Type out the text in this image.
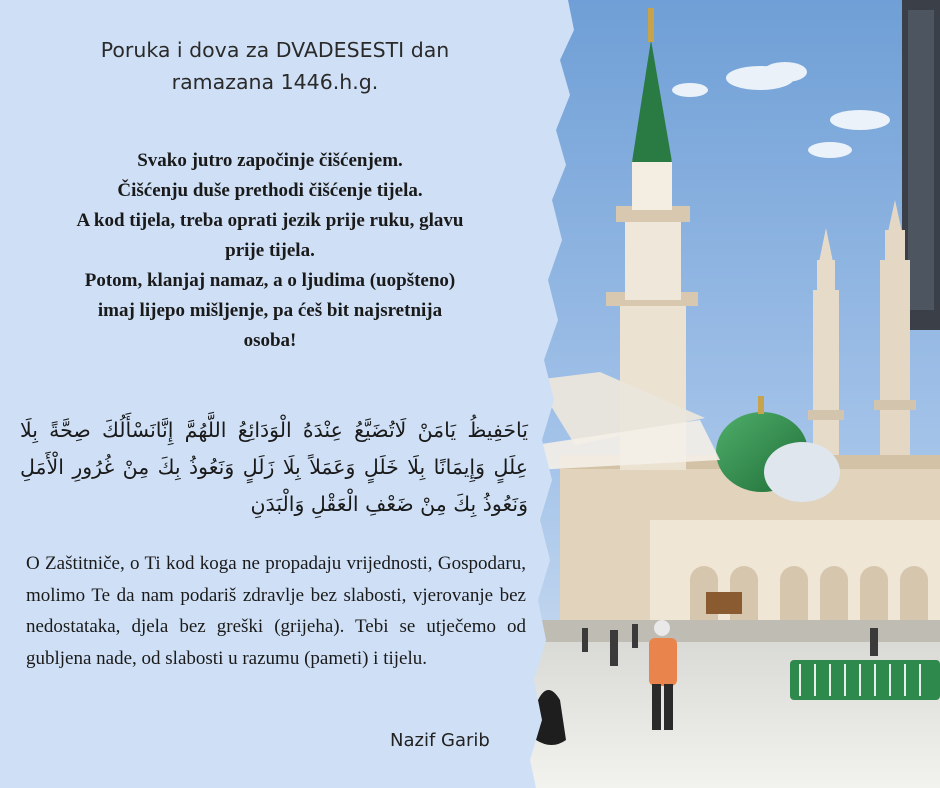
Poruka i dova za DVADESESTI dan
ramazana 1446.h.g.
Svako jutro započinje čišćenjem.
Čišćenju duše prethodi čišćenje tijela.
A kod tijela, treba oprati jezik prije ruku, glavu
prije tijela.
Potom, klanjaj namaz, a o ljudima (uopšteno)
imaj lijepo mišljenje, pa ćeš bit najsretnija
osoba!
يَاحَفِيظُ يَامَنْ لَاتُضَيَّعُ عِنْدَهُ الْوَدَائِعُ اللَّهُمَّ إِنَّانَسْأَلُكَ صِحَّةً بِلَا عِلَلٍ وَإِيمَانًا بِلَا خَلَلٍ وَعَمَلاً بِلَا زَلَلٍ وَنَعُوذُ بِكَ مِنْ غُرُورِ الْأَمَلِ وَنَعُوذُ بِكَ مِنْ ضَعْفِ الْعَقْلِ وَالْبَدَنِ
O Zaštitniče, o Ti kod koga ne propadaju vrijednosti, Gospodaru, molimo Te da nam podariš zdravlje bez slabosti, vjerovanje bez nedostataka, djela bez greški (grijeha). Tebi se utječemo od gubljena nade, od slabosti u razumu (pameti) i tijelu.
Nazif Garib
